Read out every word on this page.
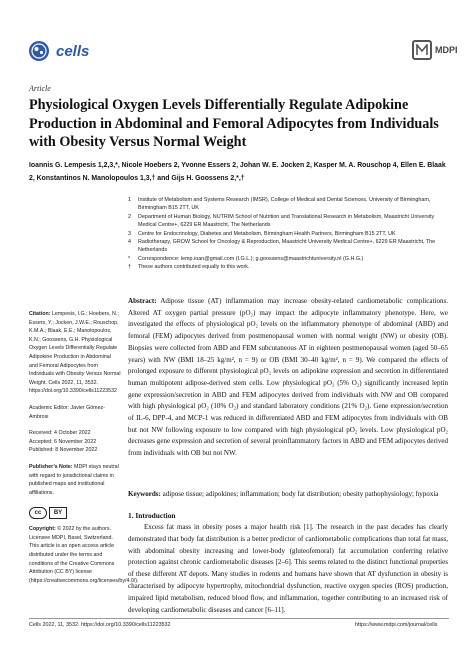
cells	MDPI
Article
Physiological Oxygen Levels Differentially Regulate Adipokine Production in Abdominal and Femoral Adipocytes from Individuals with Obesity Versus Normal Weight
Ioannis G. Lempesis 1,2,3,*, Nicole Hoebers 2, Yvonne Essers 2, Johan W. E. Jocken 2, Kasper M. A. Rouschop 4, Ellen E. Blaak 2, Konstantinos N. Manolopoulos 1,3,† and Gijs H. Goossens 2,*,†
1	Institute of Metabolism and Systems Research (IMSR), College of Medical and Dental Sciences, University of Birmingham, Birmingham B15 2TT, UK
2	Department of Human Biology, NUTRIM School of Nutrition and Translational Research in Metabolism, Maastricht University Medical Centre+, 6229 ER Maastricht, The Netherlands
3	Centre for Endocrinology, Diabetes and Metabolism, Birmingham Health Partners, Birmingham B15 2TT, UK
4	Radiotherapy, GROW School for Oncology & Reproduction, Maastricht University Medical Centre+, 6229 ER Maastricht, The Netherlands
*	Correspondence: lemp.ioan@gmail.com (I.G.L.); g.goossens@maastrichtuniversity.nl (G.H.G.)
†	These authors contributed equally to this work.
Citation: Lempesis, I.G.; Hoebers, N.; Essers, Y.; Jocken, J.W.E.; Rouschop, K.M.A.; Blaak, E.E.; Manolopoulos, K.N.; Goossens, G.H. Physiological Oxygen Levels Differentially Regulate Adipokine Production in Abdominal and Femoral Adipocytes from Individuals with Obesity Versus Normal Weight. Cells 2022, 11, 3532. https://doi.org/10.3390/cells11223532
Academic Editor: Javier Gómez-Ambrosi
Received: 4 October 2022
Accepted: 6 November 2022
Published: 8 November 2022
Publisher’s Note: MDPI stays neutral with regard to jurisdictional claims in published maps and institutional affiliations.
cc	BY
Copyright: © 2022 by the authors. Licensee MDPI, Basel, Switzerland. This article is an open access article distributed under the terms and conditions of the Creative Commons Attribution (CC BY) license (https://creativecommons.org/licenses/by/4.0/).
Abstract: Adipose tissue (AT) inflammation may increase obesity-related cardiometabolic complications. Altered AT oxygen partial pressure (pO₂) may impact the adipocyte inflammatory phenotype. Here, we investigated the effects of physiological pO₂ levels on the inflammatory phenotype of abdominal (ABD) and femoral (FEM) adipocytes derived from postmenopausal women with normal weight (NW) or obesity (OB). Biopsies were collected from ABD and FEM subcutaneous AT in eighteen postmenopausal women (aged 50–65 years) with NW (BMI 18–25 kg/m², n = 9) or OB (BMI 30–40 kg/m², n = 9). We compared the effects of prolonged exposure to different physiological pO₂ levels on adipokine expression and secretion in differentiated human multipotent adipose-derived stem cells. Low physiological pO₂ (5% O₂) significantly increased leptin gene expression/secretion in ABD and FEM adipocytes derived from individuals with NW and OB compared with high physiological pO₂ (10% O₂) and standard laboratory conditions (21% O₂). Gene expression/secretion of IL-6, DPP-4, and MCP-1 was reduced in differentiated ABD and FEM adipocytes from individuals with OB but not NW following exposure to low compared with high physiological pO₂ levels. Low physiological pO₂ decreases gene expression and secretion of several proinflammatory factors in ABD and FEM adipocytes derived from individuals with OB but not NW.
Keywords: adipose tissue; adipokines; inflammation; body fat distribution; obesity pathophysiology; hypoxia
1. Introduction
Excess fat mass in obesity poses a major health risk [1]. The research in the past decades has clearly demonstrated that body fat distribution is a better predictor of cardiometabolic complications than total fat mass, with abdominal obesity increasing and lower-body (gluteofemoral) fat accumulation conferring relative protection against chronic cardiometabolic diseases [2–6]. This seems related to the distinct functional properties of these different AT depots. Many studies in rodents and humans have shown that AT dysfunction in obesity is characterised by adipocyte hypertrophy, mitochondrial dysfunction, reactive oxygen species (ROS) production, impaired lipid metabolism, reduced blood flow, and inflammation, together contributing to an increased risk of developing cardiometabolic diseases and cancer [6–11].
Cells 2022, 11, 3532. https://doi.org/10.3390/cells11223532	https://www.mdpi.com/journal/cells
